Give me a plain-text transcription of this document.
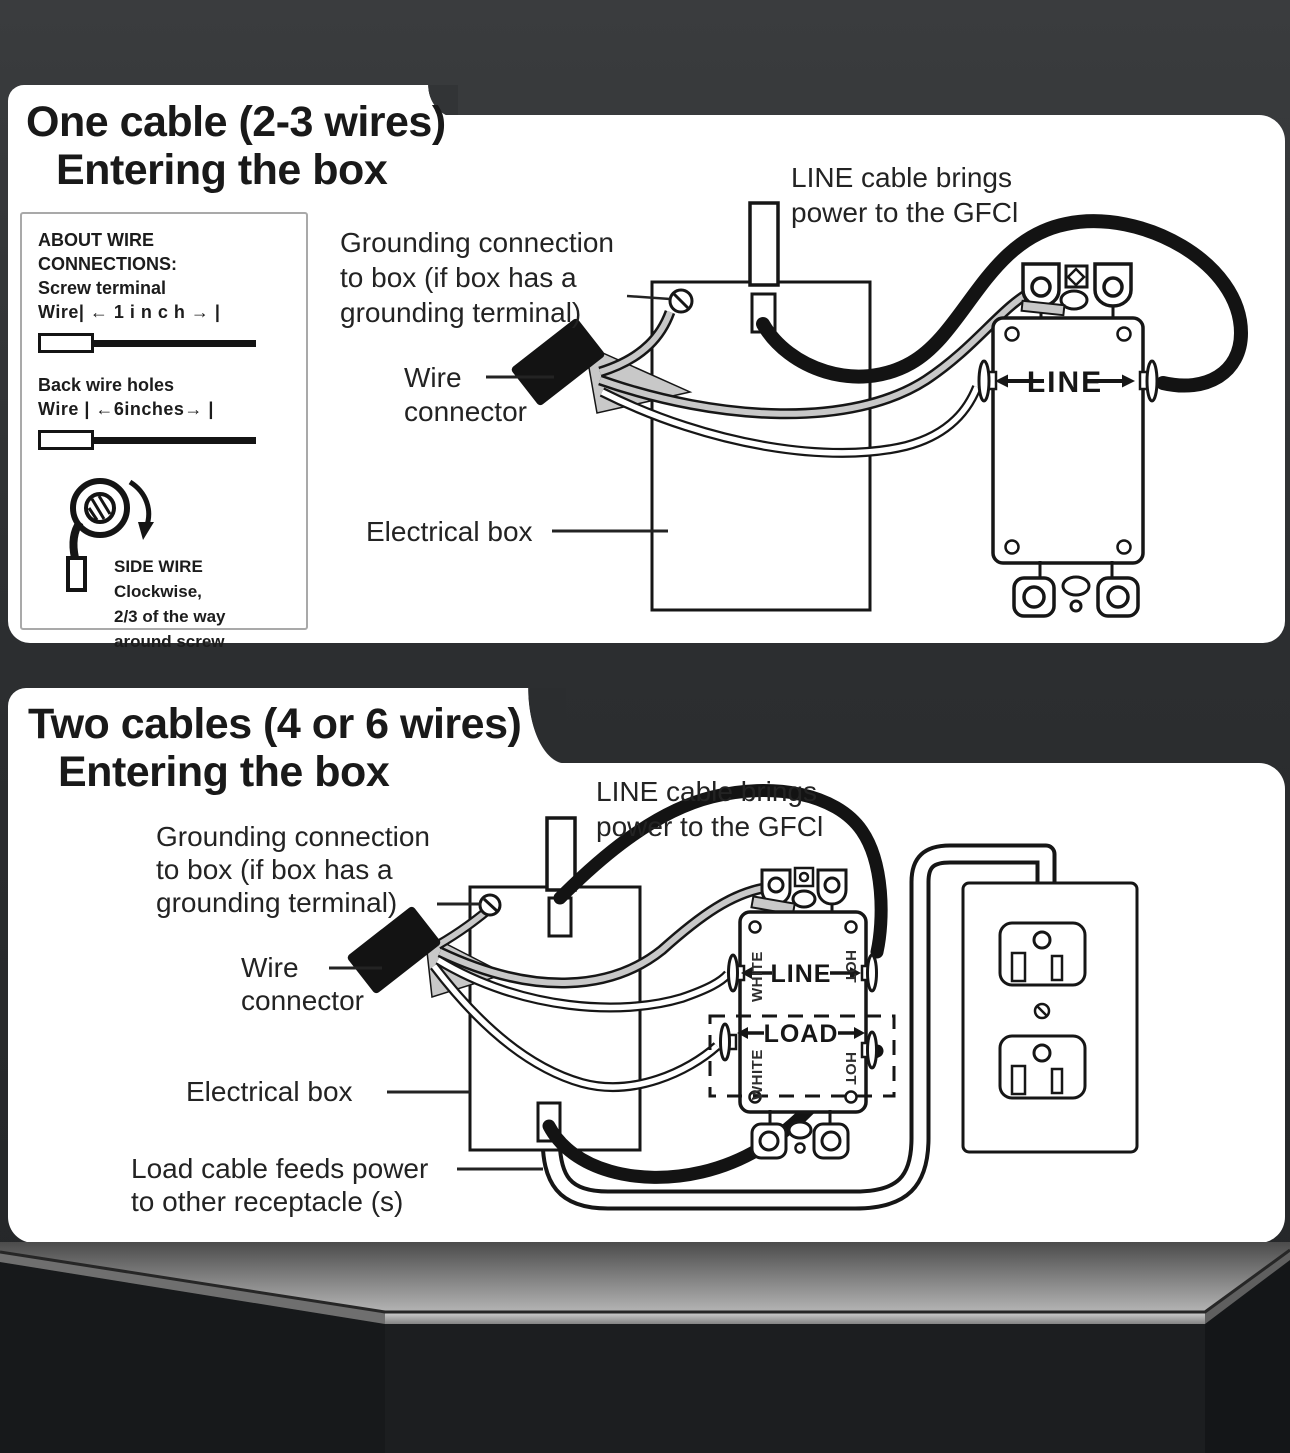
One cable (2-3 wires)
Entering the box
ABOUT WIRE CONNECTIONS:
Screw terminal
Wire| ← 1 i n c h → |
Back wire holes
Wire | ←6inches→ |
SIDE WIRE
Clockwise,
2/3 of the way
around screw
LINE
Grounding connection
to box (if box has a
grounding terminal)
Wire
connector
Electrical box
LINE cable brings
power to the GFCl
Two cables (4 or 6 wires)
Entering the box
LINE
LOAD
WHITE	HOT
WHITE	HOT
LINE cable brings
power to the GFCl
Grounding connection
to box (if box has a
grounding terminal)
Wire
connector
Electrical box
Load cable feeds power
to other receptacle (s)
